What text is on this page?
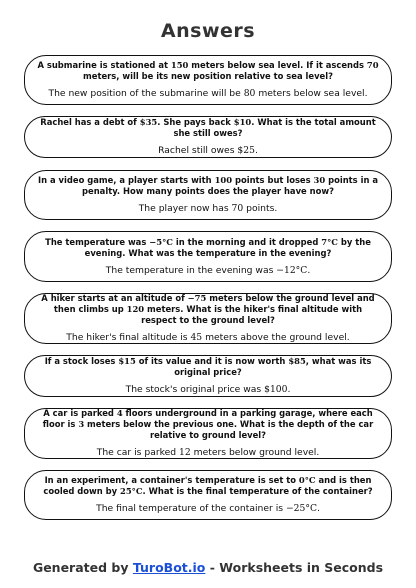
Answers
A submarine is stationed at 150 meters below sea level. If it ascends 70 meters, will be its new position relative to sea level?
The new position of the submarine will be 80 meters below sea level.
Rachel has a debt of $35. She pays back $10. What is the total amount she still owes?
Rachel still owes $25.
In a video game, a player starts with 100 points but loses 30 points in a penalty. How many points does the player have now?
The player now has 70 points.
The temperature was −5°C in the morning and it dropped 7°C by the evening. What was the temperature in the evening?
The temperature in the evening was −12°C.
A hiker starts at an altitude of −75 meters below the ground level and then climbs up 120 meters. What is the hiker's final altitude with respect to the ground level?
The hiker's final altitude is 45 meters above the ground level.
If a stock loses $15 of its value and it is now worth $85, what was its original price?
The stock's original price was $100.
A car is parked 4 floors underground in a parking garage, where each floor is 3 meters below the previous one. What is the depth of the car relative to ground level?
The car is parked 12 meters below ground level.
In an experiment, a container's temperature is set to 0°C and is then cooled down by 25°C. What is the final temperature of the container?
The final temperature of the container is −25°C.
Generated by TuroBot.io - Worksheets in Seconds
